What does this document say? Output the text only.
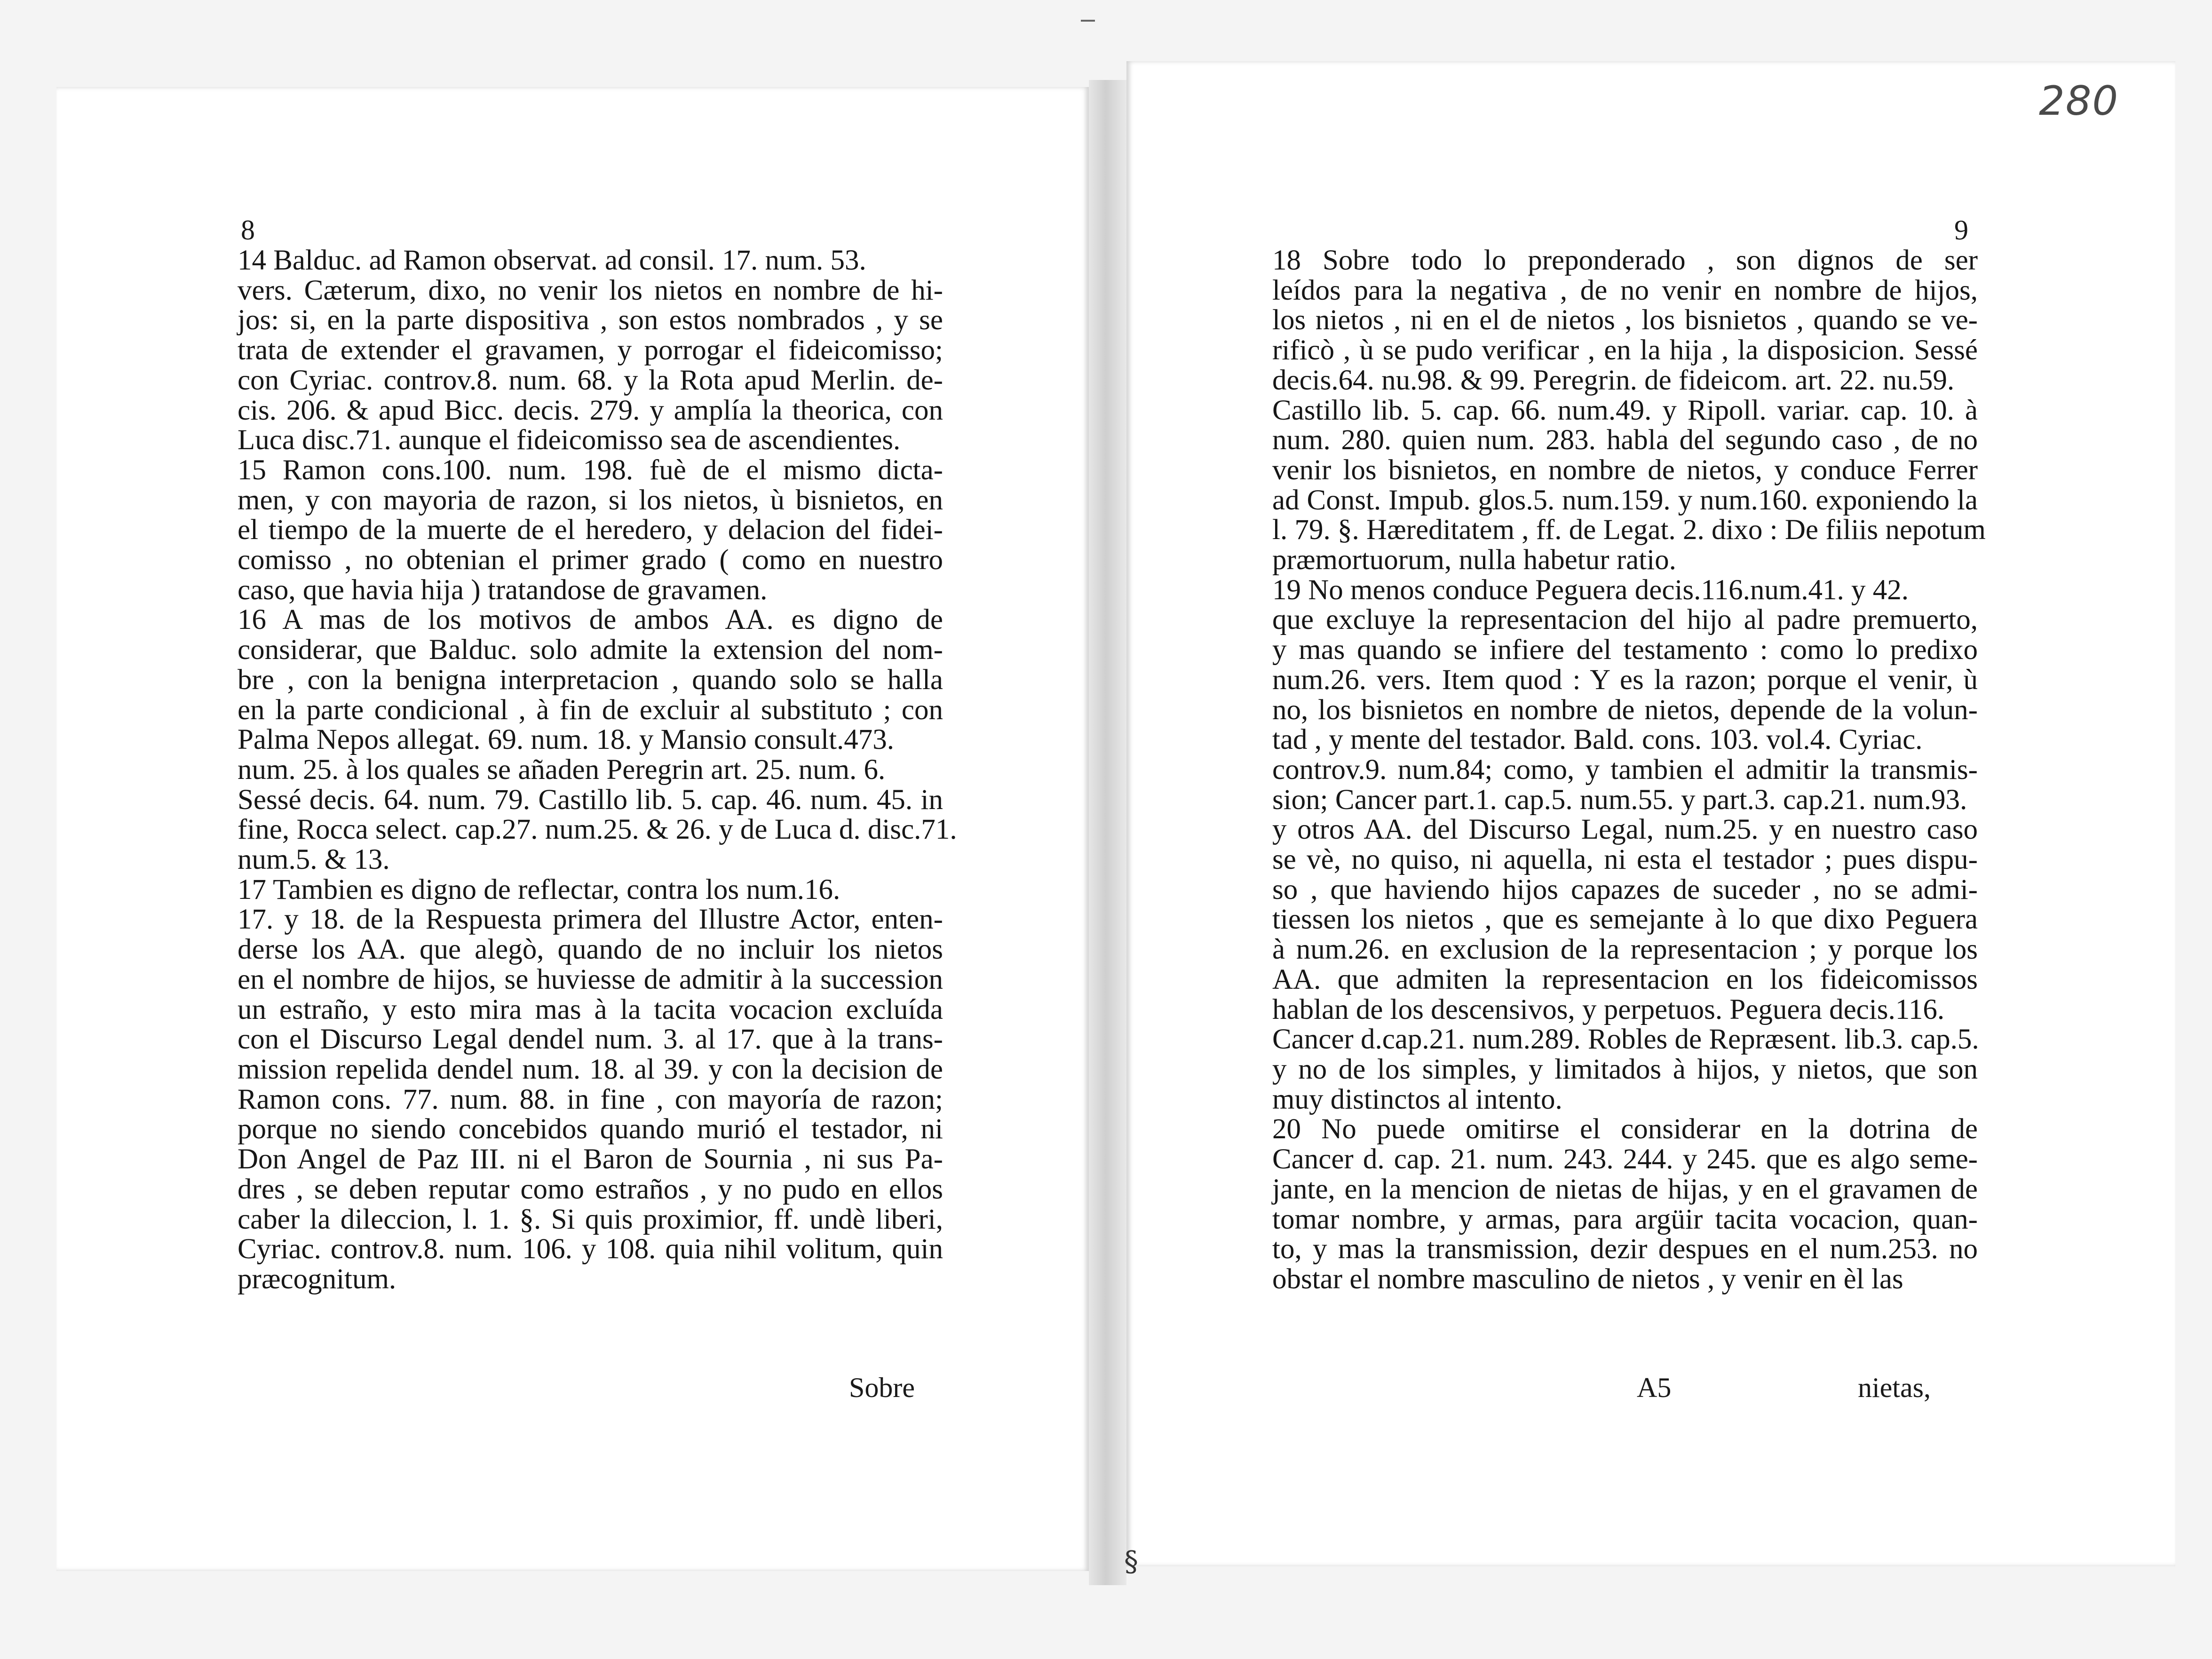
§
8	9
280
14 Balduc. ad Ramon observat. ad consil. 17. num. 53.
vers. Cæterum, dixo, no venir los nietos en nombre de hi-
jos: si, en la parte dispositiva , son estos nombrados , y se
trata de extender el gravamen, y porrogar el fideicomisso;
con Cyriac. controv.8. num. 68. y la Rota apud Merlin. de-
cis. 206. & apud Bicc. decis. 279. y amplía la theorica, con
Luca disc.71. aunque el fideicomisso sea de ascendientes.
15 Ramon cons.100. num. 198. fuè de el mismo dicta-
men, y con mayoria de razon, si los nietos, ù bisnietos, en
el tiempo de la muerte de el heredero, y delacion del fidei-
comisso , no obtenian el primer grado ( como en nuestro
caso, que havia hija ) tratandose de gravamen.
16 A mas de los motivos de ambos AA. es digno de
considerar, que Balduc. solo admite la extension del nom-
bre , con la benigna interpretacion , quando solo se halla
en la parte condicional , à fin de excluir al substituto ; con
Palma Nepos allegat. 69. num. 18. y Mansio consult.473.
num. 25. à los quales se añaden Peregrin art. 25. num. 6.
Sessé decis. 64. num. 79. Castillo lib. 5. cap. 46. num. 45. in
fine, Rocca select. cap.27. num.25. & 26. y de Luca d. disc.71.
num.5. & 13.
17 Tambien es digno de reflectar, contra los num.16.
17. y 18. de la Respuesta primera del Illustre Actor, enten-
derse los AA. que alegò, quando de no incluir los nietos
en el nombre de hijos, se huviesse de admitir à la succession
un estraño, y esto mira mas à la tacita vocacion excluída
con el Discurso Legal dendel num. 3. al 17. que à la trans-
mission repelida dendel num. 18. al 39. y con la decision de
Ramon cons. 77. num. 88. in fine , con mayoría de razon;
porque no siendo concebidos quando murió el testador, ni
Don Angel de Paz III. ni el Baron de Sournia , ni sus Pa-
dres , se deben reputar como estraños , y no pudo en ellos
caber la dileccion, l. 1. §. Si quis proximior, ff. undè liberi,
Cyriac. controv.8. num. 106. y 108. quia nihil volitum, quin
præcognitum.
18 Sobre todo lo preponderado , son dignos de ser
leídos para la negativa , de no venir en nombre de hijos,
los nietos , ni en el de nietos , los bisnietos , quando se ve-
rificò , ù se pudo verificar , en la hija , la disposicion. Sessé
decis.64. nu.98. & 99. Peregrin. de fideicom. art. 22. nu.59.
Castillo lib. 5. cap. 66. num.49. y Ripoll. variar. cap. 10. à
num. 280. quien num. 283. habla del segundo caso , de no
venir los bisnietos, en nombre de nietos, y conduce Ferrer
ad Const. Impub. glos.5. num.159. y num.160. exponiendo la
l. 79. §. Hæreditatem , ff. de Legat. 2. dixo : De filiis nepotum
præmortuorum, nulla habetur ratio.
19 No menos conduce Peguera decis.116.num.41. y 42.
que excluye la representacion del hijo al padre premuerto,
y mas quando se infiere del testamento : como lo predixo
num.26. vers. Item quod : Y es la razon; porque el venir, ù
no, los bisnietos en nombre de nietos, depende de la volun-
tad , y mente del testador. Bald. cons. 103. vol.4. Cyriac.
controv.9. num.84; como, y tambien el admitir la transmis-
sion; Cancer part.1. cap.5. num.55. y part.3. cap.21. num.93.
y otros AA. del Discurso Legal, num.25. y en nuestro caso
se vè, no quiso, ni aquella, ni esta el testador ; pues dispu-
so , que haviendo hijos capazes de suceder , no se admi-
tiessen los nietos , que es semejante à lo que dixo Peguera
à num.26. en exclusion de la representacion ; y porque los
AA. que admiten la representacion en los fideicomissos
hablan de los descensivos, y perpetuos. Peguera decis.116.
Cancer d.cap.21. num.289. Robles de Repræsent. lib.3. cap.5.
y no de los simples, y limitados à hijos, y nietos, que son
muy distinctos al intento.
20 No puede omitirse el considerar en la dotrina de
Cancer d. cap. 21. num. 243. 244. y 245. que es algo seme-
jante, en la mencion de nietas de hijas, y en el gravamen de
tomar nombre, y armas, para argüir tacita vocacion, quan-
to, y mas la transmission, dezir despues en el num.253. no
obstar el nombre masculino de nietos , y venir en èl las
Sobre	A5	nietas,
